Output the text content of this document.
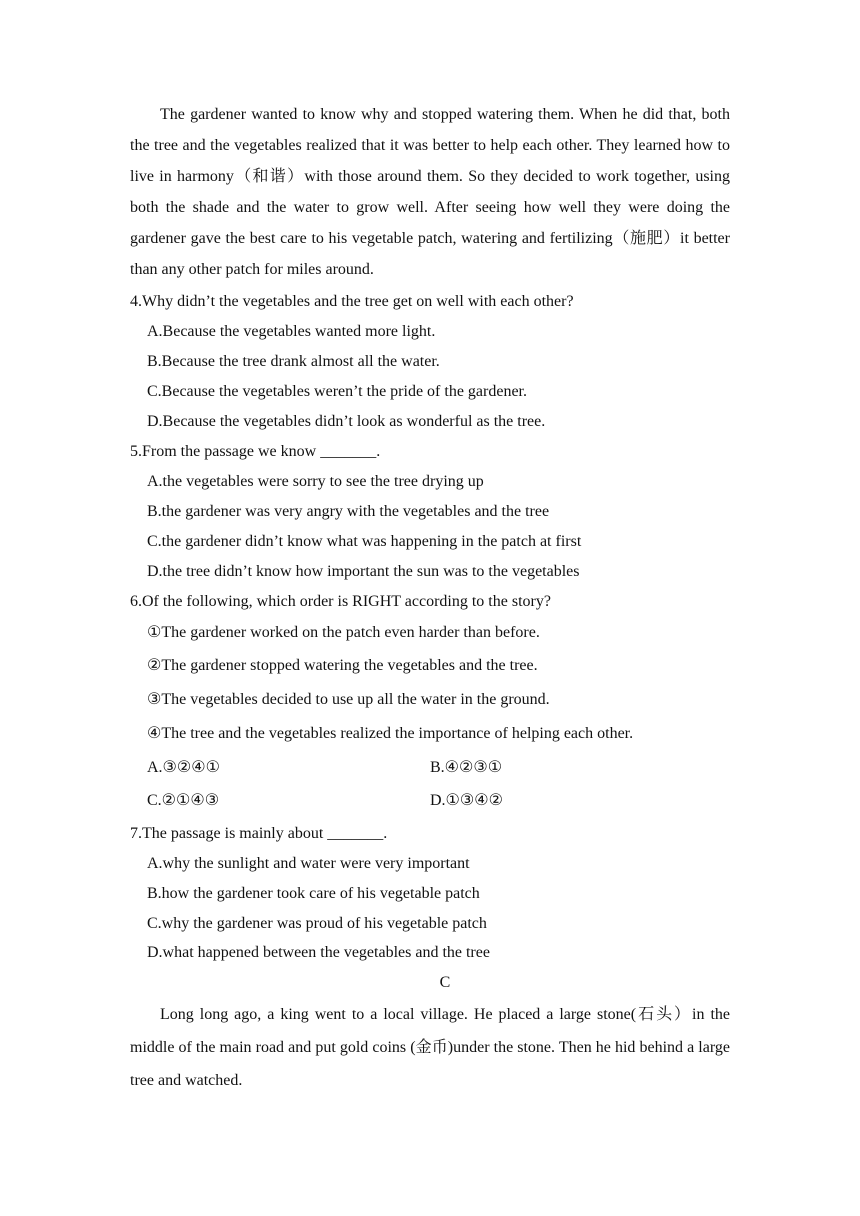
The gardener wanted to know why and stopped watering them. When he did that, both the tree and the vegetables realized that it was better to help each other. They learned how to live in harmony（和谐）with those around them. So they decided to work together, using both the shade and the water to grow well. After seeing how well they were doing the gardener gave the best care to his vegetable patch, watering and fertilizing（施肥）it better than any other patch for miles around.

4.Why didn’t the vegetables and the tree get on well with each other?

A.Because the vegetables wanted more light.

B.Because the tree drank almost all the water.

C.Because the vegetables weren’t the pride of the gardener.

D.Because the vegetables didn’t look as wonderful as the tree.

5.From the passage we know _______.

A.the vegetables were sorry to see the tree drying up

B.the gardener was very angry with the vegetables and the tree

C.the gardener didn’t know what was happening in the patch at first

D.the tree didn’t know how important the sun was to the vegetables

6.Of the following, which order is RIGHT according to the story?

①The gardener worked on the patch even harder than before.

②The gardener stopped watering the vegetables and the tree.

③The vegetables decided to use up all the water in the ground.

④The tree and the vegetables realized the importance of helping each other.

A.③②④①	B.④②③①

C.②①④③	D.①③④②

7.The passage is mainly about _______.

A.why the sunlight and water were very important

B.how the gardener took care of his vegetable patch

C.why the gardener was proud of his vegetable patch

D.what happened between the vegetables and the tree

C

Long long ago, a king went to a local village. He placed a large stone(石头）in the middle of the main road and put gold coins (金币)under the stone. Then he hid behind a large tree and watched.
